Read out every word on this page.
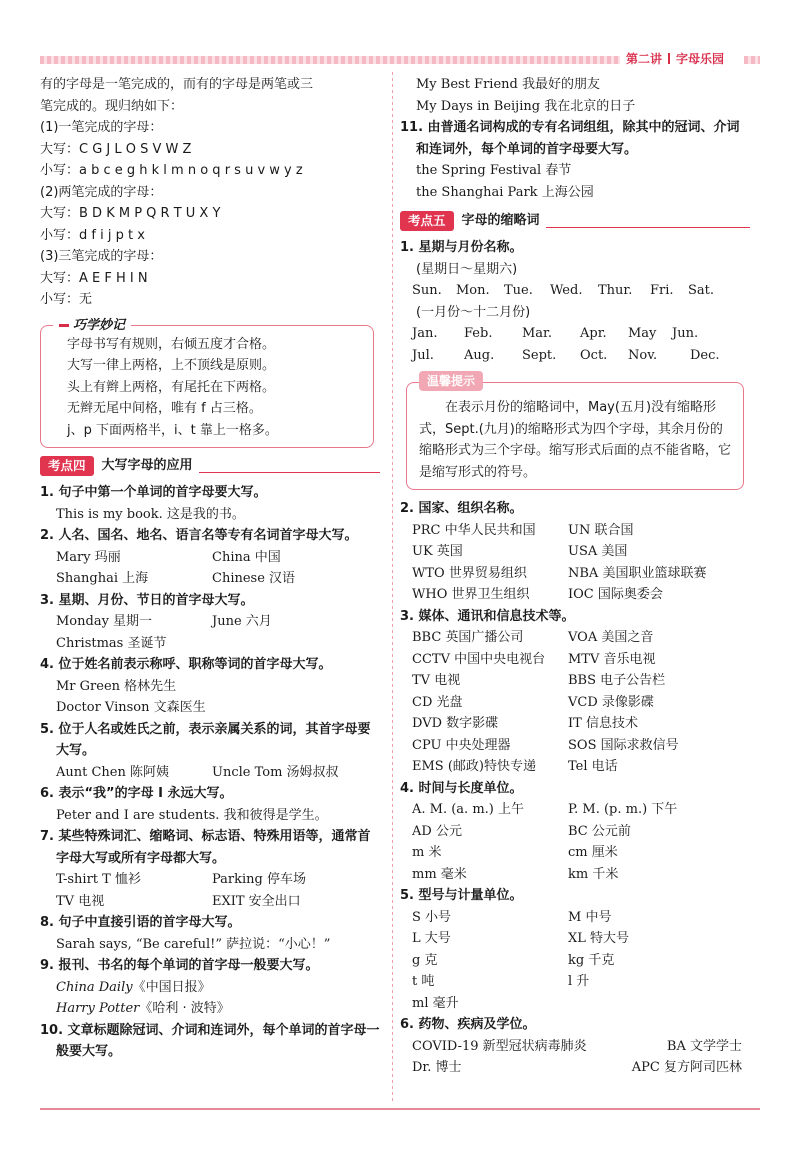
第二讲 字母乐园
有的字母是一笔完成的，而有的字母是两笔或三
笔完成的。现归纳如下：
(1)一笔完成的字母：
大写：C G J L O S V W Z
小写：a b c e g h k l m n o q r s u v w y z
(2)两笔完成的字母：
大写：B D K M P Q R T U X Y
小写：d f i j p t x
(3)三笔完成的字母：
大写：A E F H I N
小写：无
巧学妙记
字母书写有规则，右倾五度才合格。
大写一律上两格，上不顶线是原则。
头上有辫上两格，有尾托在下两格。
无辫无尾中间格，唯有 f 占三格。
j、p 下面两格半，i、t 靠上一格多。
考点四	大写字母的应用
1. 句子中第一个单词的首字母要大写。
This is my book. 这是我的书。
2. 人名、国名、地名、语言名等专有名词首字母大写。
Mary 玛丽	China 中国
Shanghai 上海	Chinese 汉语
3. 星期、月份、节日的首字母大写。
Monday 星期一	June 六月
Christmas 圣诞节
4. 位于姓名前表示称呼、职称等词的首字母大写。
Mr Green 格林先生
Doctor Vinson 文森医生
5. 位于人名或姓氏之前，表示亲属关系的词，其首字母要大写。
Aunt Chen 陈阿姨	Uncle Tom 汤姆叔叔
6. 表示“我”的字母 I 永远大写。
Peter and I are students. 我和彼得是学生。
7. 某些特殊词汇、缩略词、标志语、特殊用语等，通常首字母大写或所有字母都大写。
T-shirt T 恤衫	Parking 停车场
TV 电视	EXIT 安全出口
8. 句子中直接引语的首字母大写。
Sarah says, “Be careful!” 萨拉说：“小心！”
9. 报刊、书名的每个单词的首字母一般要大写。
China Daily《中国日报》
Harry Potter《哈利 · 波特》
10. 文章标题除冠词、介词和连词外，每个单词的首字母一般要大写。
My Best Friend 我最好的朋友
My Days in Beijing 我在北京的日子
11. 由普通名词构成的专有名词组组，除其中的冠词、介词和连词外，每个单词的首字母要大写。
the Spring Festival 春节
the Shanghai Park 上海公园
考点五	字母的缩略词
1. 星期与月份名称。
(星期日～星期六)
Sun.	Mon.	Tue.	Wed.	Thur.	Fri.	Sat.
(一月份～十二月份)
Jan.	Feb.	Mar.	Apr.	May	Jun.
Jul.	Aug.	Sept.	Oct.	Nov.	Dec.
温馨提示
在表示月份的缩略词中，May(五月)没有缩略形式，Sept.(九月)的缩略形式为四个字母，其余月份的缩略形式为三个字母。缩写形式后面的点不能省略，它是缩写形式的符号。
2. 国家、组织名称。
PRC 中华人民共和国	UN 联合国
UK 英国	USA 美国
WTO 世界贸易组织	NBA 美国职业篮球联赛
WHO 世界卫生组织	IOC 国际奥委会
3. 媒体、通讯和信息技术等。
BBC 英国广播公司	VOA 美国之音
CCTV 中国中央电视台	MTV 音乐电视
TV 电视	BBS 电子公告栏
CD 光盘	VCD 录像影碟
DVD 数字影碟	IT 信息技术
CPU 中央处理器	SOS 国际求救信号
EMS (邮政)特快专递	Tel 电话
4. 时间与长度单位。
A. M. (a. m.) 上午	P. M. (p. m.) 下午
AD 公元	BC 公元前
m 米	cm 厘米
mm 毫米	km 千米
5. 型号与计量单位。
S 小号	M 中号
L 大号	XL 特大号
g 克	kg 千克
t 吨	l 升
ml 毫升
6. 药物、疾病及学位。
COVID-19 新型冠状病毒肺炎	BA 文学学士
Dr. 博士	APC 复方阿司匹林
